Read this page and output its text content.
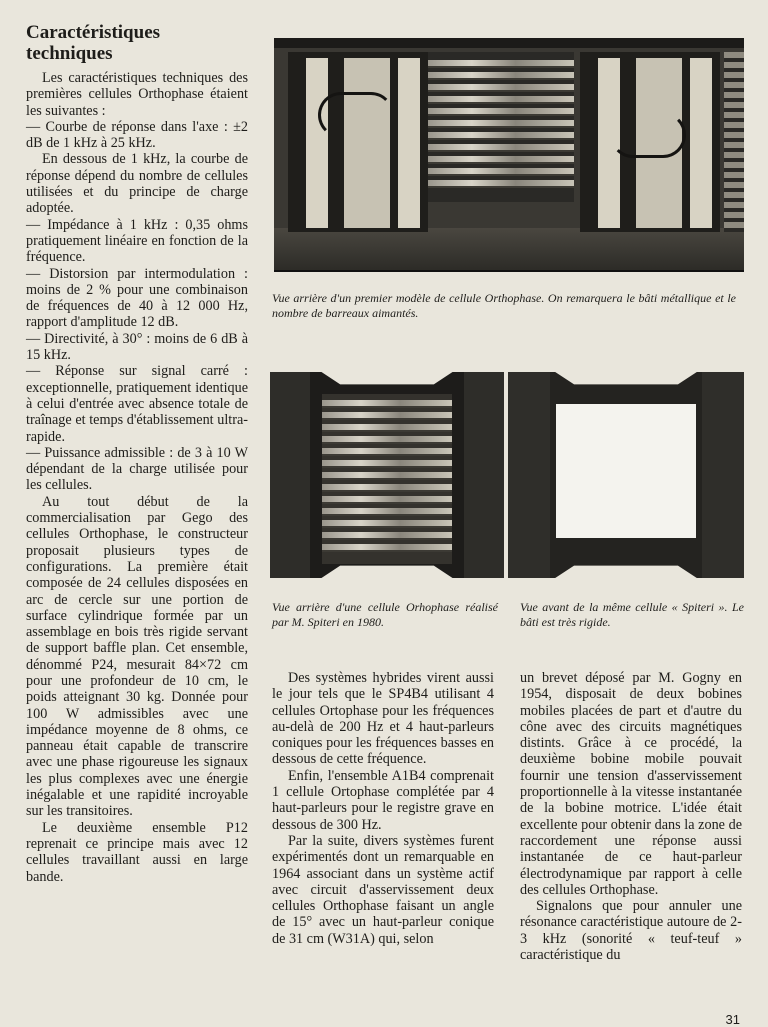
Caractéristiques techniques

Les caractéristiques techniques des premières cellules Orthophase étaient les suivantes :

— Courbe de réponse dans l'axe : ±2 dB de 1 kHz à 25 kHz.

En dessous de 1 kHz, la courbe de réponse dépend du nombre de cellules utilisées et du principe de charge adoptée.

— Impédance à 1 kHz : 0,35 ohms pratiquement linéaire en fonction de la fréquence.

— Distorsion par intermodulation : moins de 2 % pour une combinaison de fréquences de 40 à 12 000 Hz, rapport d'amplitude 12 dB.

— Directivité, à 30° : moins de 6 dB à 15 kHz.

— Réponse sur signal carré : exceptionnelle, pratiquement identique à celui d'entrée avec absence totale de traînage et temps d'établissement ultra-rapide.

— Puissance admissible : de 3 à 10 W dépendant de la charge utilisée pour les cellules.

Au tout début de la commercialisation par Gego des cellules Orthophase, le constructeur proposait plusieurs types de configurations. La première était composée de 24 cellules disposées en arc de cercle sur une portion de surface cylindrique formée par un assemblage en bois très rigide servant de support baffle plan. Cet ensemble, dénommé P24, mesurait 84×72 cm pour une profondeur de 10 cm, le poids atteignant 30 kg. Donnée pour 100 W admissibles avec une impédance moyenne de 8 ohms, ce panneau était capable de transcrire avec une phase rigoureuse les signaux les plus complexes avec une énergie inégalable et une rapidité incroyable sur les transitoires.

Le deuxième ensemble P12 reprenait ce principe mais avec 12 cellules travaillant aussi en large bande.

Vue arrière d'un premier modèle de cellule Orthophase. On remarquera le bâti métallique et le nombre de barreaux aimantés.
Vue arrière d'une cellule Orhophase réalisé par M. Spiteri en 1980.
Vue avant de la même cellule « Spiteri ». Le bâti est très rigide.

Des systèmes hybrides virent aussi le jour tels que le SP4B4 utilisant 4 cellules Ortophase pour les fréquences au-delà de 200 Hz et 4 haut-parleurs coniques pour les fréquences basses en dessous de cette fréquence.

Enfin, l'ensemble A1B4 comprenait 1 cellule Ortophase complétée par 4 haut-parleurs pour le registre grave en dessous de 300 Hz.

Par la suite, divers systèmes furent expérimentés dont un remarquable en 1964 associant dans un système actif avec circuit d'asservissement deux cellules Orthophase faisant un angle de 15° avec un haut-parleur conique de 31 cm (W31A) qui, selon

un brevet déposé par M. Gogny en 1954, disposait de deux bobines mobiles placées de part et d'autre du cône avec des circuits magnétiques distints. Grâce à ce procédé, la deuxième bobine mobile pouvait fournir une tension d'asservissement proportionnelle à la vitesse instantanée de la bobine motrice. L'idée était excellente pour obtenir dans la zone de raccordement une réponse aussi instantanée de ce haut-parleur électrodynamique par rapport à celle des cellules Orthophase.

Signalons que pour annuler une résonance caractéristique autoure de 2-3 kHz (sonorité « teuf-teuf » caractéristique du

31
